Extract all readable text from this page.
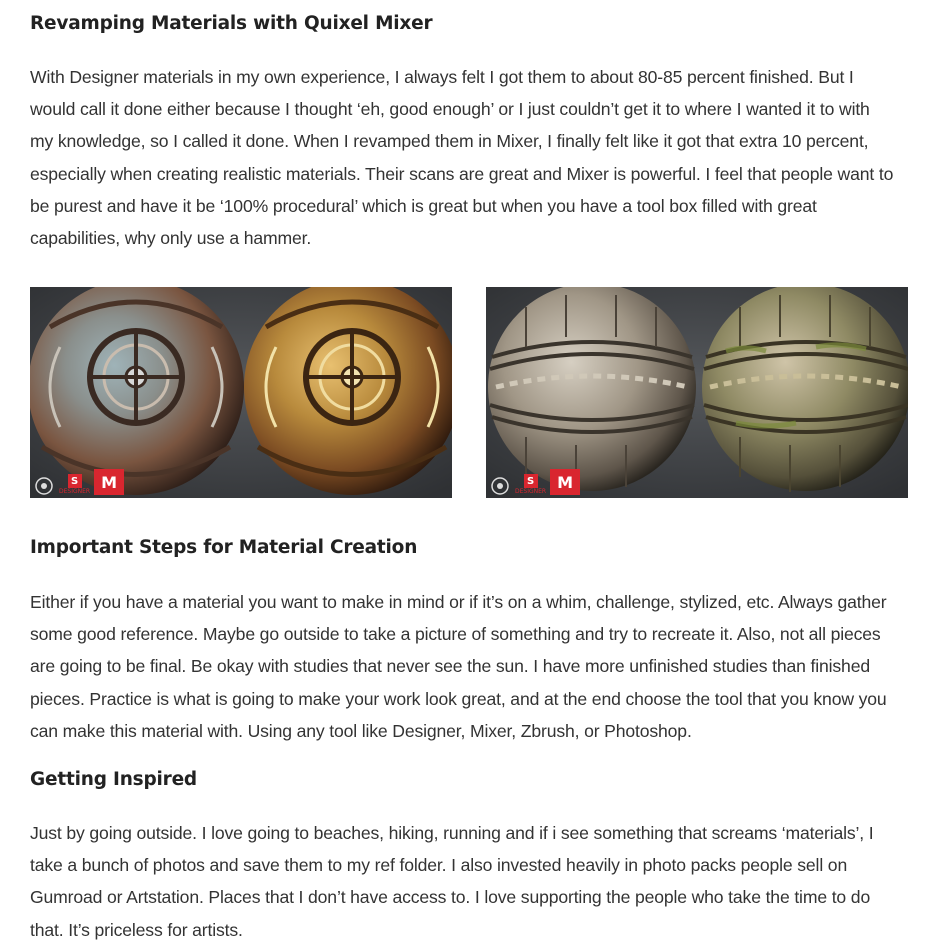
Revamping Materials with Quixel Mixer

With Designer materials in my own experience, I always felt I got them to about 80-85 percent finished. But I
would call it done either because I thought ‘eh, good enough’ or I just couldn’t get it to where I wanted it to with
my knowledge, so I called it done. When I revamped them in Mixer, I finally felt like it got that extra 10 percent,
especially when creating realistic materials. Their scans are great and Mixer is powerful. I feel that people want to
be purest and have it be ‘100% procedural’ which is great but when you have a tool box filled with great
capabilities, why only use a hammer.

S
DESIGNER M	S
DESIGNER M
Important Steps for Material Creation

Either if you have a material you want to make in mind or if it’s on a whim, challenge, stylized, etc. Always gather
some good reference. Maybe go outside to take a picture of something and try to recreate it. Also, not all pieces
are going to be final. Be okay with studies that never see the sun. I have more unfinished studies than finished
pieces. Practice is what is going to make your work look great, and at the end choose the tool that you know you
can make this material with. Using any tool like Designer, Mixer, Zbrush, or Photoshop.

Getting Inspired

Just by going outside. I love going to beaches, hiking, running and if i see something that screams ‘materials’, I
take a bunch of photos and save them to my ref folder. I also invested heavily in photo packs people sell on
Gumroad or Artstation. Places that I don’t have access to. I love supporting the people who take the time to do
that. It’s priceless for artists.
